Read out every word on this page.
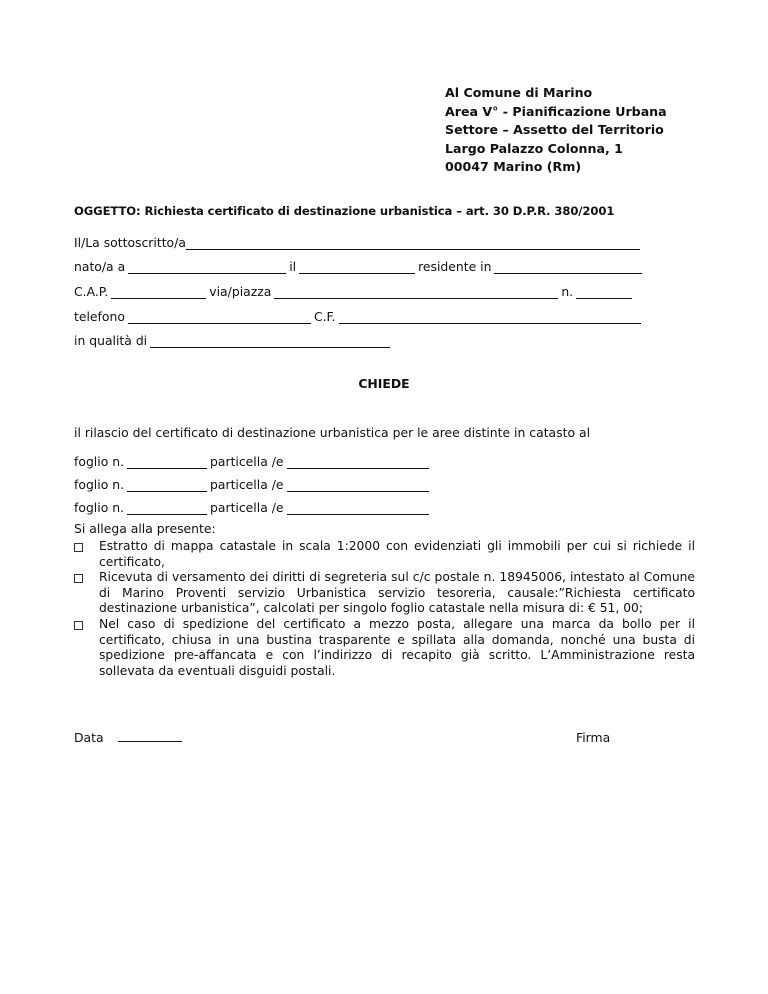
Al Comune di Marino
Area V° - Pianificazione Urbana
Settore – Assetto del Territorio
Largo Palazzo Colonna, 1
00047 Marino (Rm)
OGGETTO: Richiesta certificato di destinazione urbanistica – art. 30 D.P.R. 380/2001
Il/La sottoscritto/a
nato/a a	il	residente in
C.A.P.	via/piazza	n.
telefono	C.F.
in qualità di
CHIEDE
il rilascio del certificato di destinazione urbanistica per le aree distinte in catasto al
foglio n.	particella /e
foglio n.	particella /e
foglio n.	particella /e
Si allega alla presente:
Estratto di mappa catastale in scala 1:2000 con evidenziati gli immobili per cui si richiede il certificato,
Ricevuta di versamento dei diritti di segreteria sul c/c postale n. 18945006, intestato al Comune di Marino Proventi servizio Urbanistica servizio tesoreria, causale:”Richiesta certificato destinazione urbanistica”, calcolati per singolo foglio catastale nella misura di: € 51, 00;
Nel caso di spedizione del certificato a mezzo posta, allegare una marca da bollo per il certificato, chiusa in una bustina trasparente e spillata alla domanda, nonché una busta di spedizione pre-affancata e con l’indirizzo di recapito già scritto. L’Amministrazione resta sollevata da eventuali disguidi postali.
Data	Firma
